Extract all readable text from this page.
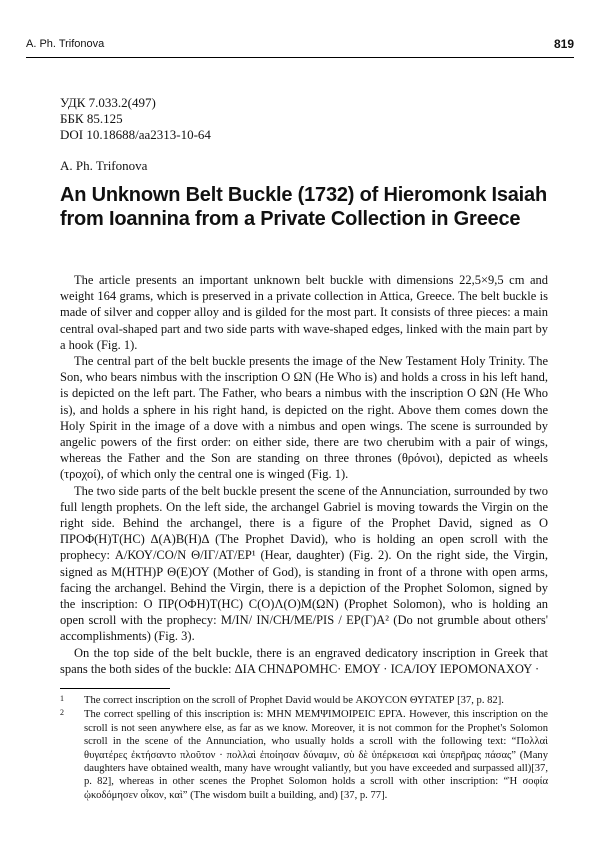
A. Ph. Trifonova	819
УДК 7.033.2(497)
ББК 85.125
DOI 10.18688/aa2313-10-64
A. Ph. Trifonova
An Unknown Belt Buckle (1732) of Hieromonk Isaiah from Ioannina from a Private Collection in Greece

The article presents an important unknown belt buckle with dimensions 22,5×9,5 cm and weight 164 grams, which is preserved in a private collection in Attica, Greece. The belt buckle is made of silver and copper alloy and is gilded for the most part. It consists of three pieces: a main central oval-shaped part and two side parts with wave-shaped edges, linked with the main part by a hook (Fig. 1).

The central part of the belt buckle presents the image of the New Testament Holy Trinity. The Son, who bears nimbus with the inscription Ο ΩΝ (He Who is) and holds a cross in his left hand, is depicted on the left part. The Father, who bears a nimbus with the inscription Ο ΩΝ (He Who is), and holds a sphere in his right hand, is depicted on the right. Above them comes down the Holy Spirit in the image of a dove with a nimbus and open wings. The scene is surrounded by angelic powers of the first order: on either side, there are two cherubim with a pair of wings, whereas the Father and the Son are standing on three thrones (θρόνοι), depicted as wheels (τροχοί), of which only the central one is winged (Fig. 1).

The two side parts of the belt buckle present the scene of the Annunciation, surrounded by two full length prophets. On the left side, the archangel Gabriel is moving towards the Virgin on the right side. Behind the archangel, there is a figure of the Prophet David, signed as Ο ΠΡΟΦ(Η)Τ(ΗC) Δ(Α)Β(Η)Δ (The Prophet David), who is holding an open scroll with the prophecy: Α/ΚΟΥ/CΟ/Ν Θ/ΙΓ/ΑΤ/ΕΡ¹ (Hear, daughter) (Fig. 2). On the right side, the Virgin, signed as Μ(ΗΤΗ)Ρ Θ(Ε)ΟΥ (Mother of God), is standing in front of a throne with open arms, facing the archangel. Behind the Virgin, there is a depiction of the Prophet Solomon, signed by the inscription: Ο ΠΡ(ΟΦΗ)Τ(ΗC) C(Ο)Λ(Ο)Μ(ΩΝ) (Prophet Solomon), who is holding an open scroll with the prophecy: Μ/ΙΝ/ ΙΝ/CΗ/ΜΕ/ΡΙS / ΕΡ(Γ)Α² (Do not grumble about others' accomplishments) (Fig. 3).

On the top side of the belt buckle, there is an engraved dedicatory inscription in Greek that spans the both sides of the buckle: ΔΙΑ CΗΝΔΡΟΜΗC· ΕΜΟΥ · ΙCΑ/ΙΟΥ ΙΕΡΟΜΟΝΑΧΟΥ ·

1 The correct inscription on the scroll of Prophet David would be ΑΚΟΥCΟΝ ΘΥΓΑΤΕΡ [37, p. 82].
2 The correct spelling of this inscription is: ΜΗΝ ΜΕΜΨΙΜΟΙΡΕΙC ΕΡΓΑ. However, this inscription on the scroll is not seen anywhere else, as far as we know. Moreover, it is not common for the Prophet's Solomon scroll in the scene of the Annunciation, who usually holds a scroll with the following text: “Πολλαὶ θυγατέρες ἐκτήσαντο πλοῦτον · πολλαὶ ἐποίησαν δύναμιν, σὺ δὲ ὑπέρκεισαι καὶ ὑπερῆρας πάσας” (Many daughters have obtained wealth, many have wrought valiantly, but you have exceeded and surpassed all)[37, p. 82], whereas in other scenes the Prophet Solomon holds a scroll with other inscription: “Ἡ σοφία ᾠκοδόμησεν οἶκον, καὶ” (The wisdom built a building, and) [37, p. 77].
